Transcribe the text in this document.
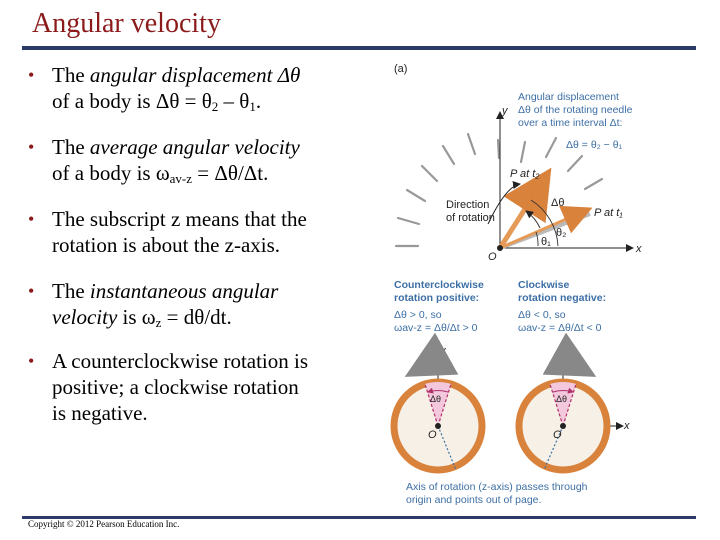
Angular velocity
• The angular displacement Δθ
of a body is $\Delta\theta = \theta_2 - \theta_1$.
• The average angular velocity
of a body is $\omega_{av-z} = \Delta\theta/\Delta t$.
• The subscript z means that the
rotation is about the z-axis.
• The instantaneous angular
velocity is $\omega_z = d\theta/dt$.
• A counterclockwise rotation is
positive; a clockwise rotation
is negative.
(a)
Angular displacement
Δθ of the rotating needle
over a time interval Δt:
Δθ = θ₂ − θ₁
y
x
O
P at t₂
P at t₁
Δθ
θ₁
θ₂
Direction
of rotation
Counterclockwise
rotation positive:
Δθ > 0, so
ωav-z = Δθ/Δt > 0
Clockwise
rotation negative:
Δθ < 0, so
ωav-z = Δθ/Δt < 0
y
Δθ
O
y
Δθ
O
x
Axis of rotation (z-axis) passes through
origin and points out of page.
Copyright © 2012 Pearson Education Inc.
